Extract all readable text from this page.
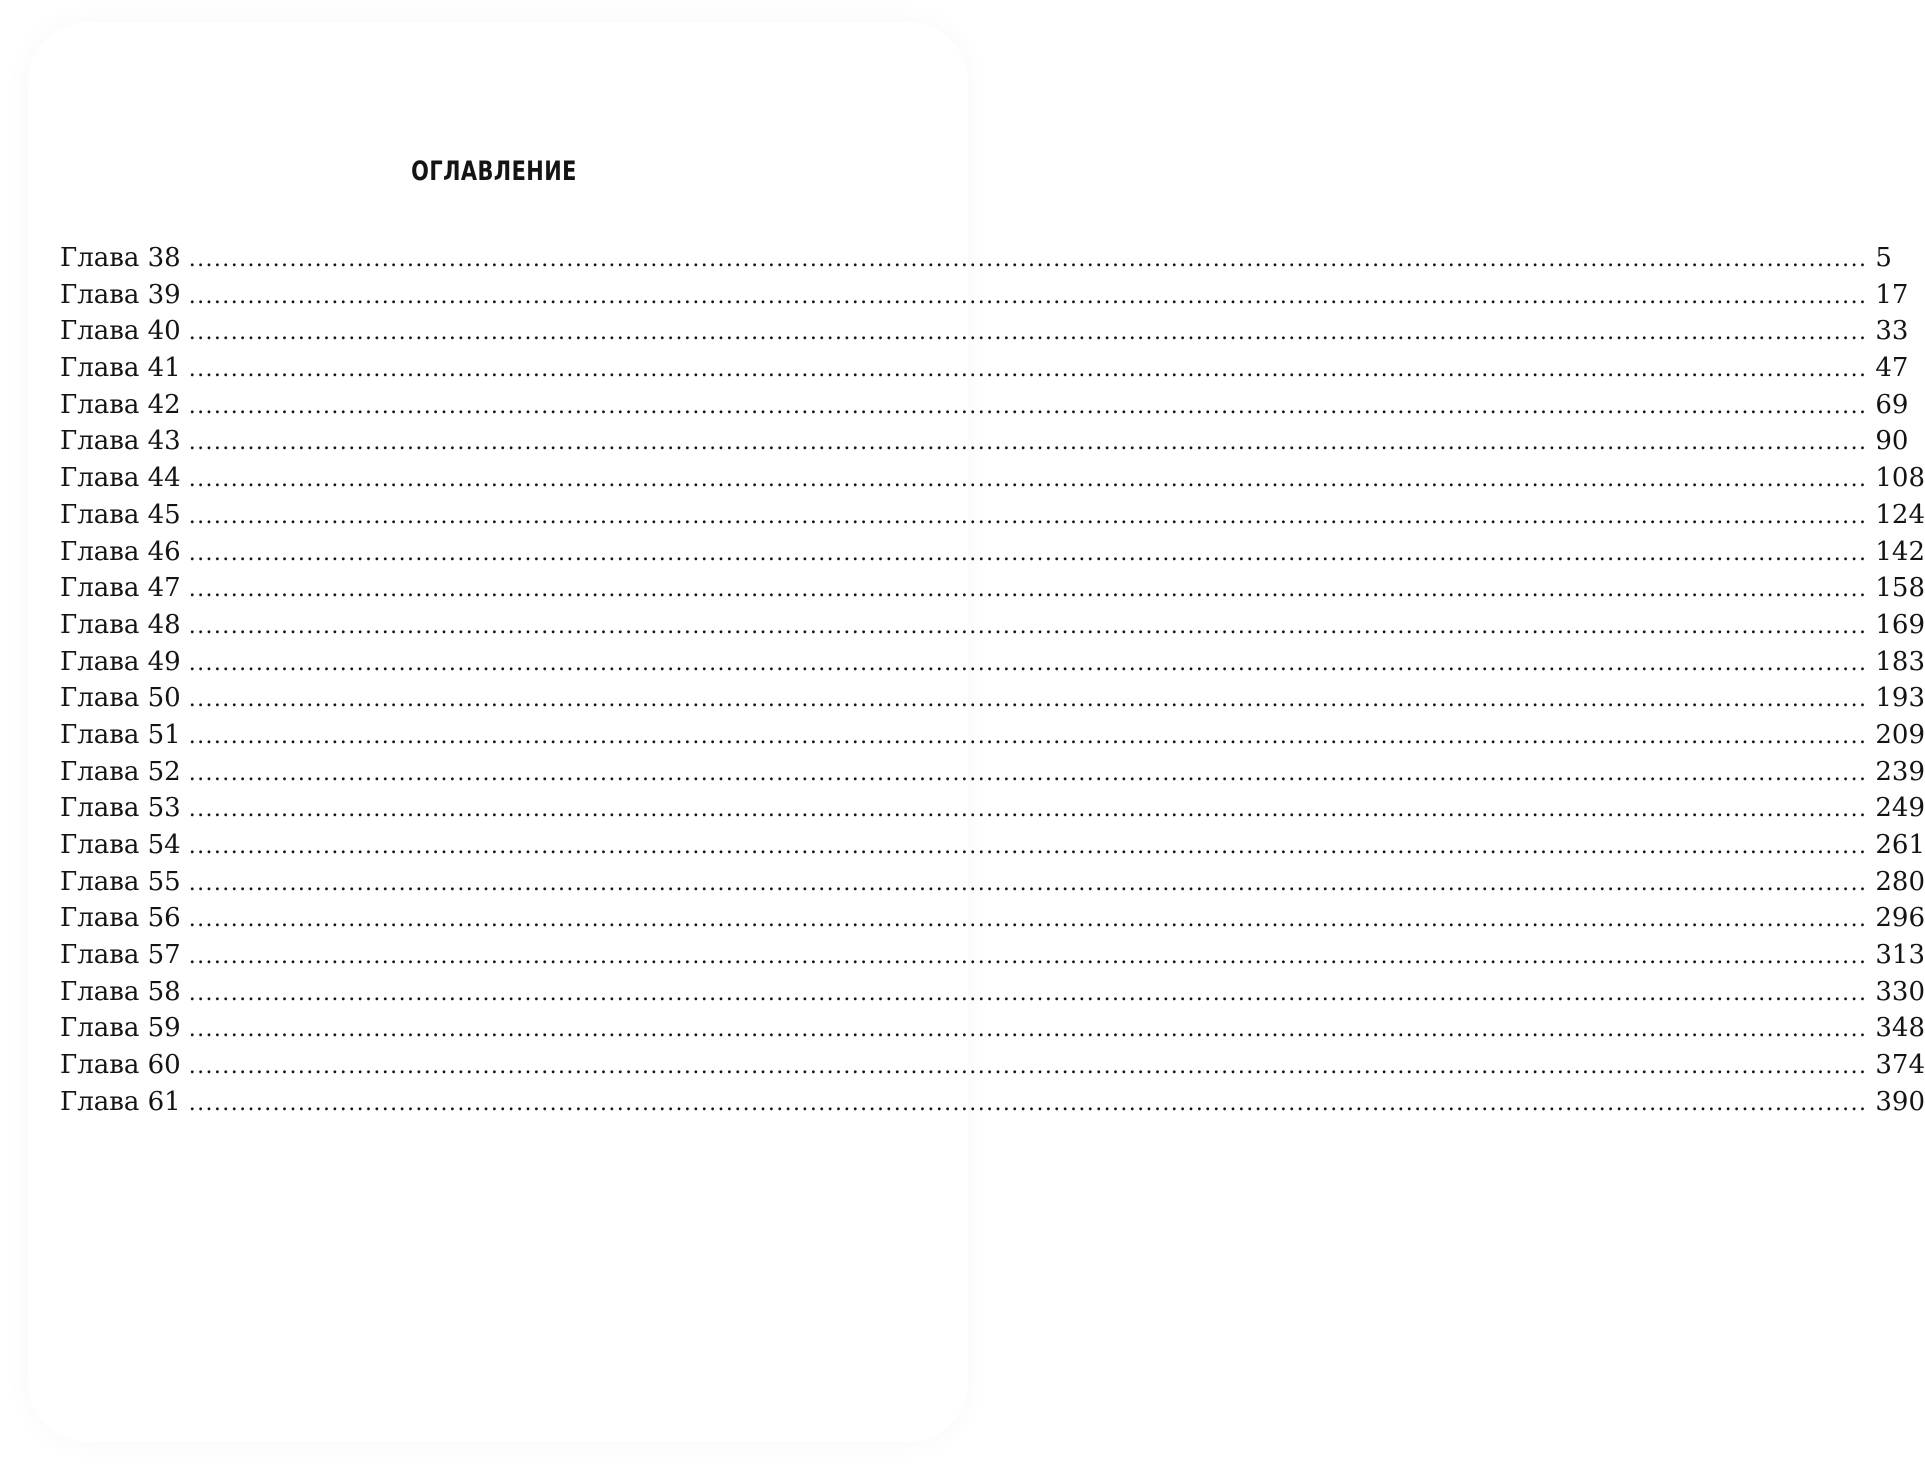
ОГЛАВЛЕНИЕ
Глава 38 ........................................................................................................................................................................................................ 5
Глава 39 ........................................................................................................................................................................................................ 17
Глава 40 ........................................................................................................................................................................................................ 33
Глава 41 ........................................................................................................................................................................................................ 47
Глава 42 ........................................................................................................................................................................................................ 69
Глава 43 ........................................................................................................................................................................................................ 90
Глава 44 ........................................................................................................................................................................................................ 108
Глава 45 ........................................................................................................................................................................................................ 124
Глава 46 ........................................................................................................................................................................................................ 142
Глава 47 ........................................................................................................................................................................................................ 158
Глава 48 ........................................................................................................................................................................................................ 169
Глава 49 ........................................................................................................................................................................................................ 183
Глава 50 ........................................................................................................................................................................................................ 193
Глава 51 ........................................................................................................................................................................................................ 209
Глава 52 ........................................................................................................................................................................................................ 239
Глава 53 ........................................................................................................................................................................................................ 249
Глава 54 ........................................................................................................................................................................................................ 261
Глава 55 ........................................................................................................................................................................................................ 280
Глава 56 ........................................................................................................................................................................................................ 296
Глава 57 ........................................................................................................................................................................................................ 313
Глава 58 ........................................................................................................................................................................................................ 330
Глава 59 ........................................................................................................................................................................................................ 348
Глава 60 ........................................................................................................................................................................................................ 374
Глава 61 ........................................................................................................................................................................................................ 390
